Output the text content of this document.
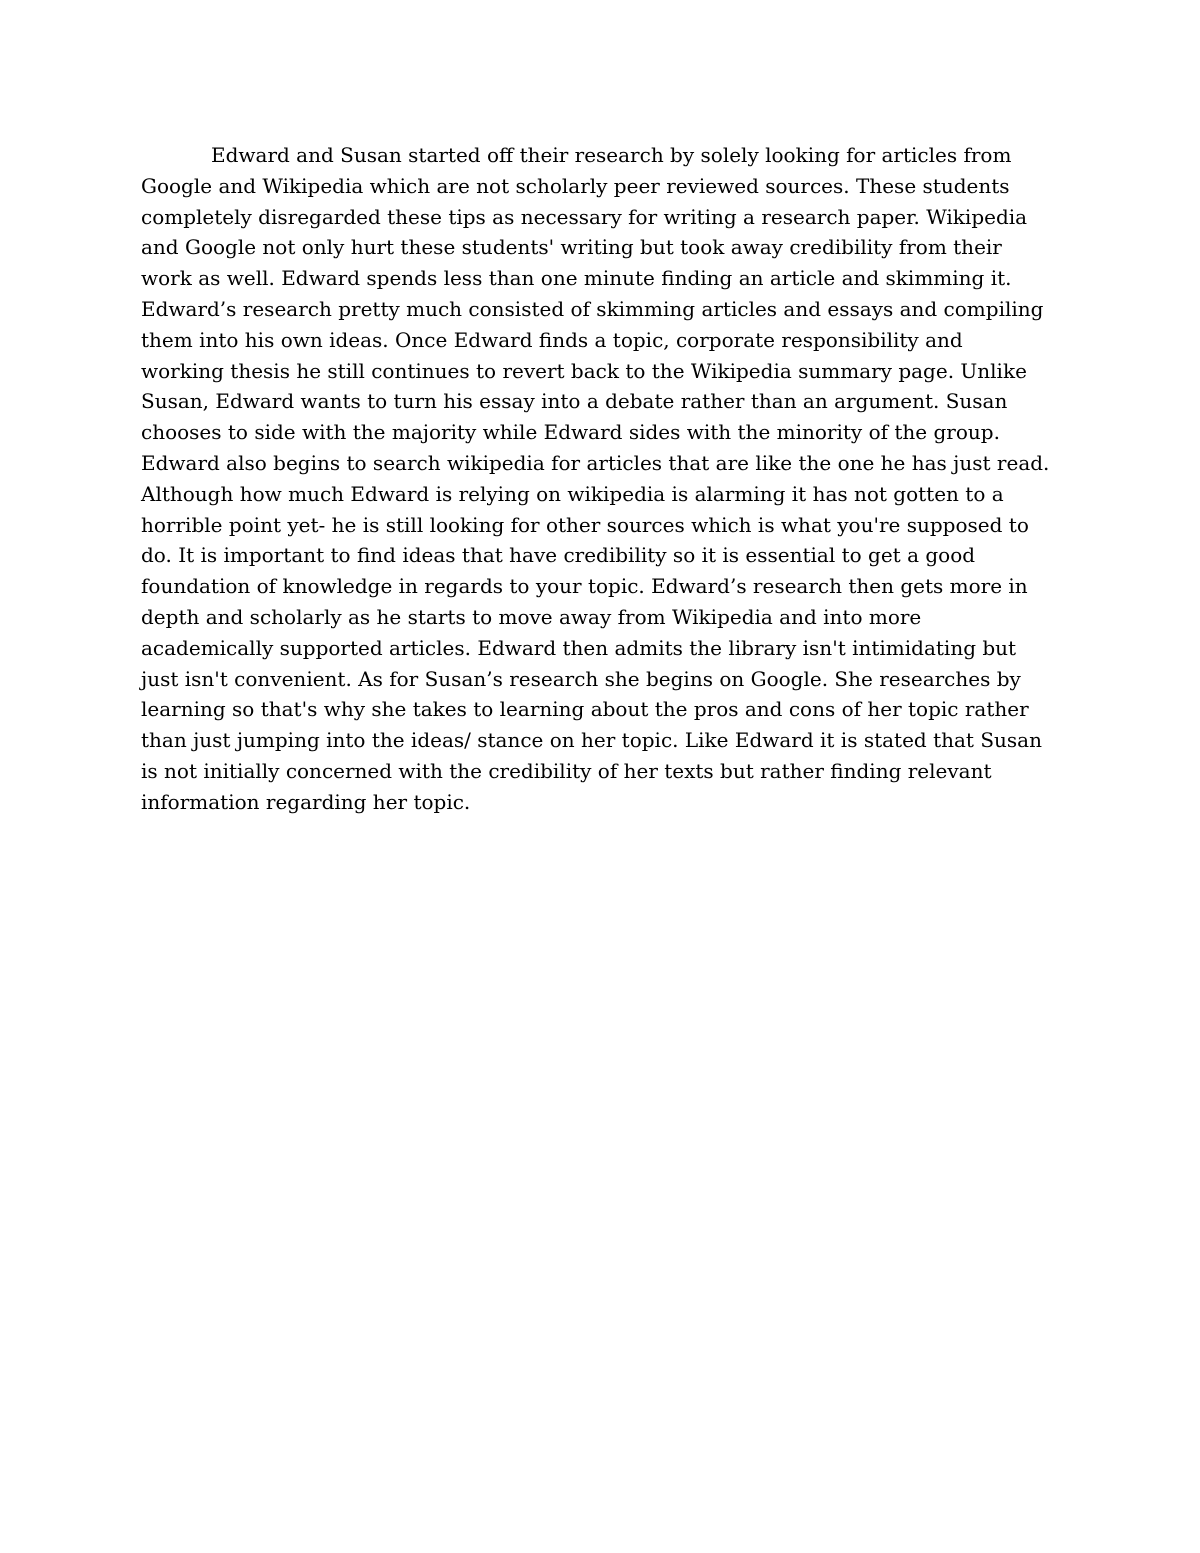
Edward and Susan started off their research by solely looking for articles from
Google and Wikipedia which are not scholarly peer reviewed sources. These students
completely disregarded these tips as necessary for writing a research paper. Wikipedia
and Google not only hurt these students' writing but took away credibility from their
work as well. Edward spends less than one minute finding an article and skimming it.
Edward’s research pretty much consisted of skimming articles and essays and compiling
them into his own ideas. Once Edward finds a topic, corporate responsibility and
working thesis he still continues to revert back to the Wikipedia summary page. Unlike
Susan, Edward wants to turn his essay into a debate rather than an argument. Susan
chooses to side with the majority while Edward sides with the minority of the group.
Edward also begins to search wikipedia for articles that are like the one he has just read.
Although how much Edward is relying on wikipedia is alarming it has not gotten to a
horrible point yet- he is still looking for other sources which is what you're supposed to
do. It is important to find ideas that have credibility so it is essential to get a good
foundation of knowledge in regards to your topic. Edward’s research then gets more in
depth and scholarly as he starts to move away from Wikipedia and into more
academically supported articles. Edward then admits the library isn't intimidating but
just isn't convenient. As for Susan’s research she begins on Google. She researches by
learning so that's why she takes to learning about the pros and cons of her topic rather
than just jumping into the ideas/ stance on her topic. Like Edward it is stated that Susan
is not initially concerned with the credibility of her texts but rather finding relevant
information regarding her topic.
